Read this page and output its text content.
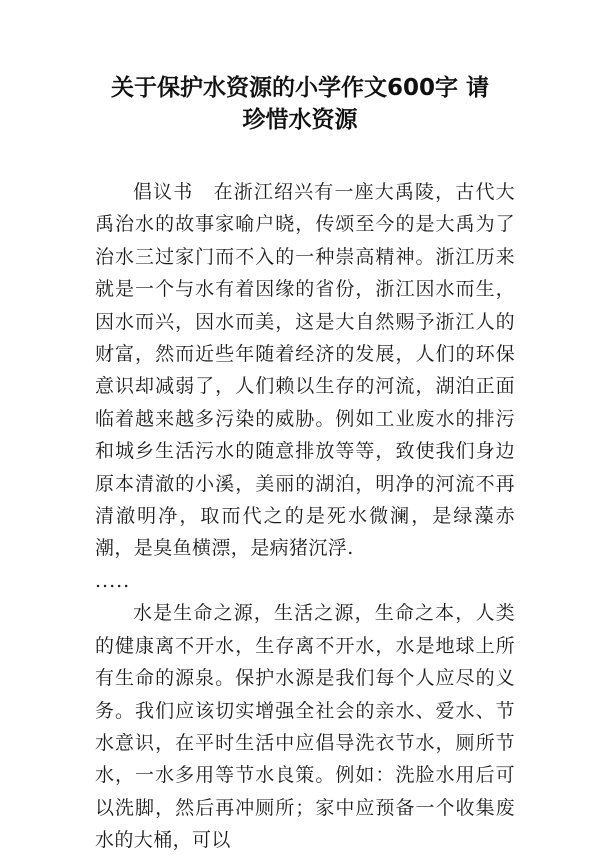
关于保护水资源的小学作文600字 请
珍惜水资源

倡议书　在浙江绍兴有一座大禹陵，古代大禹治水的故事家喻户晓，传颂至今的是大禹为了治水三过家门而不入的一种崇高精神。浙江历来就是一个与水有着因缘的省份，浙江因水而生，因水而兴，因水而美，这是大自然赐予浙江人的财富，然而近些年随着经济的发展，人们的环保意识却减弱了，人们赖以生存的河流，湖泊正面临着越来越多污染的威胁。例如工业废水的排污和城乡生活污水的随意排放等等，致使我们身边原本清澈的小溪，美丽的湖泊，明净的河流不再清澈明净，取而代之的是死水微澜，是绿藻赤潮，是臭鱼横漂，是病猪沉浮.

.....

水是生命之源，生活之源，生命之本，人类的健康离不开水，生存离不开水，水是地球上所有生命的源泉。保护水源是我们每个人应尽的义务。我们应该切实增强全社会的亲水、爱水、节水意识，在平时生活中应倡导洗衣节水，厕所节水，一水多用等节水良策。例如：洗脸水用后可以洗脚，然后再冲厕所；家中应预备一个收集废水的大桶，可以
